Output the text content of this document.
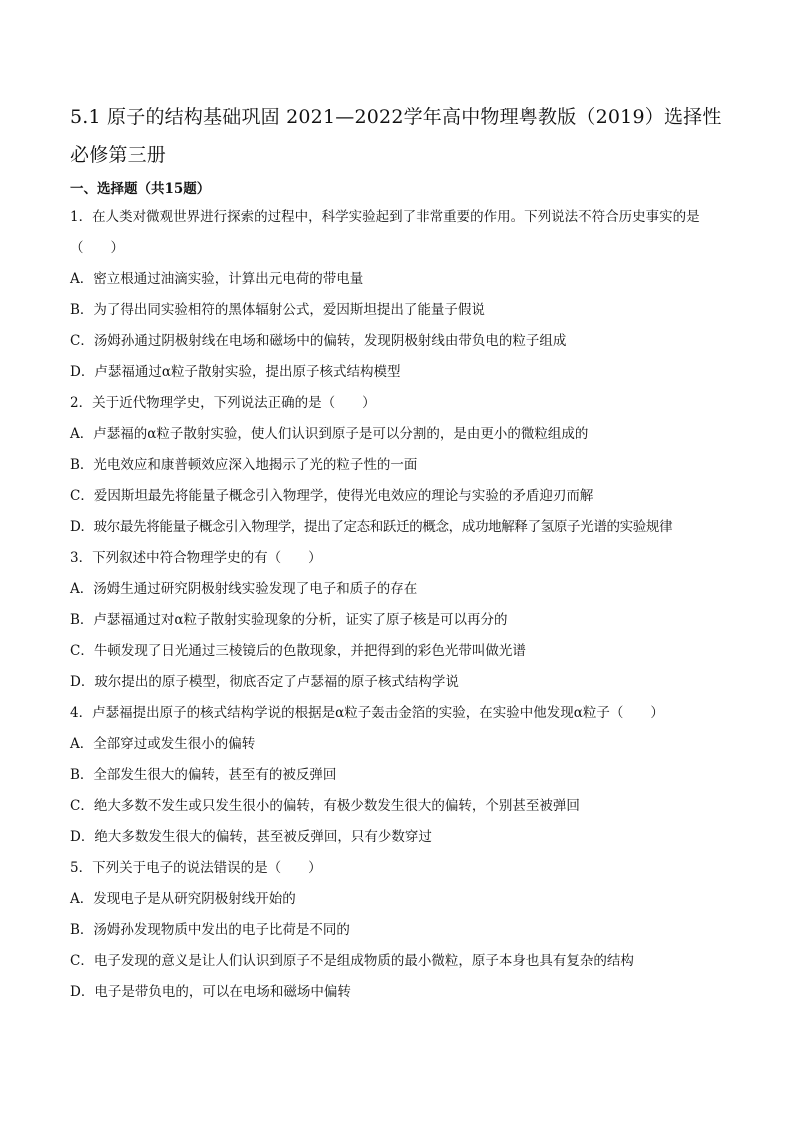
5.1 原子的结构基础巩固 2021—2022学年高中物理粤教版（2019）选择性必修第三册
一、选择题（共15题）

1．在人类对微观世界进行探索的过程中，科学实验起到了非常重要的作用。下列说法不符合历史事实的是（　　）

A．密立根通过油滴实验，计算出元电荷的带电量

B．为了得出同实验相符的黑体辐射公式，爱因斯坦提出了能量子假说

C．汤姆孙通过阴极射线在电场和磁场中的偏转，发现阴极射线由带负电的粒子组成

D．卢瑟福通过α粒子散射实验，提出原子核式结构模型

2．关于近代物理学史，下列说法正确的是（　　）

A．卢瑟福的α粒子散射实验，使人们认识到原子是可以分割的，是由更小的微粒组成的

B．光电效应和康普顿效应深入地揭示了光的粒子性的一面

C．爱因斯坦最先将能量子概念引入物理学，使得光电效应的理论与实验的矛盾迎刃而解

D．玻尔最先将能量子概念引入物理学，提出了定态和跃迁的概念，成功地解释了氢原子光谱的实验规律

3．下列叙述中符合物理学史的有（　　）

A．汤姆生通过研究阴极射线实验发现了电子和质子的存在

B．卢瑟福通过对α粒子散射实验现象的分析，证实了原子核是可以再分的

C．牛顿发现了日光通过三棱镜后的色散现象，并把得到的彩色光带叫做光谱

D．玻尔提出的原子模型，彻底否定了卢瑟福的原子核式结构学说

4．卢瑟福提出原子的核式结构学说的根据是α粒子轰击金箔的实验，在实验中他发现α粒子（　　）

A．全部穿过或发生很小的偏转

B．全部发生很大的偏转，甚至有的被反弹回

C．绝大多数不发生或只发生很小的偏转，有极少数发生很大的偏转，个别甚至被弹回

D．绝大多数发生很大的偏转，甚至被反弹回，只有少数穿过

5．下列关于电子的说法错误的是（　　）

A．发现电子是从研究阴极射线开始的

B．汤姆孙发现物质中发出的电子比荷是不同的

C．电子发现的意义是让人们认识到原子不是组成物质的最小微粒，原子本身也具有复杂的结构

D．电子是带负电的，可以在电场和磁场中偏转
